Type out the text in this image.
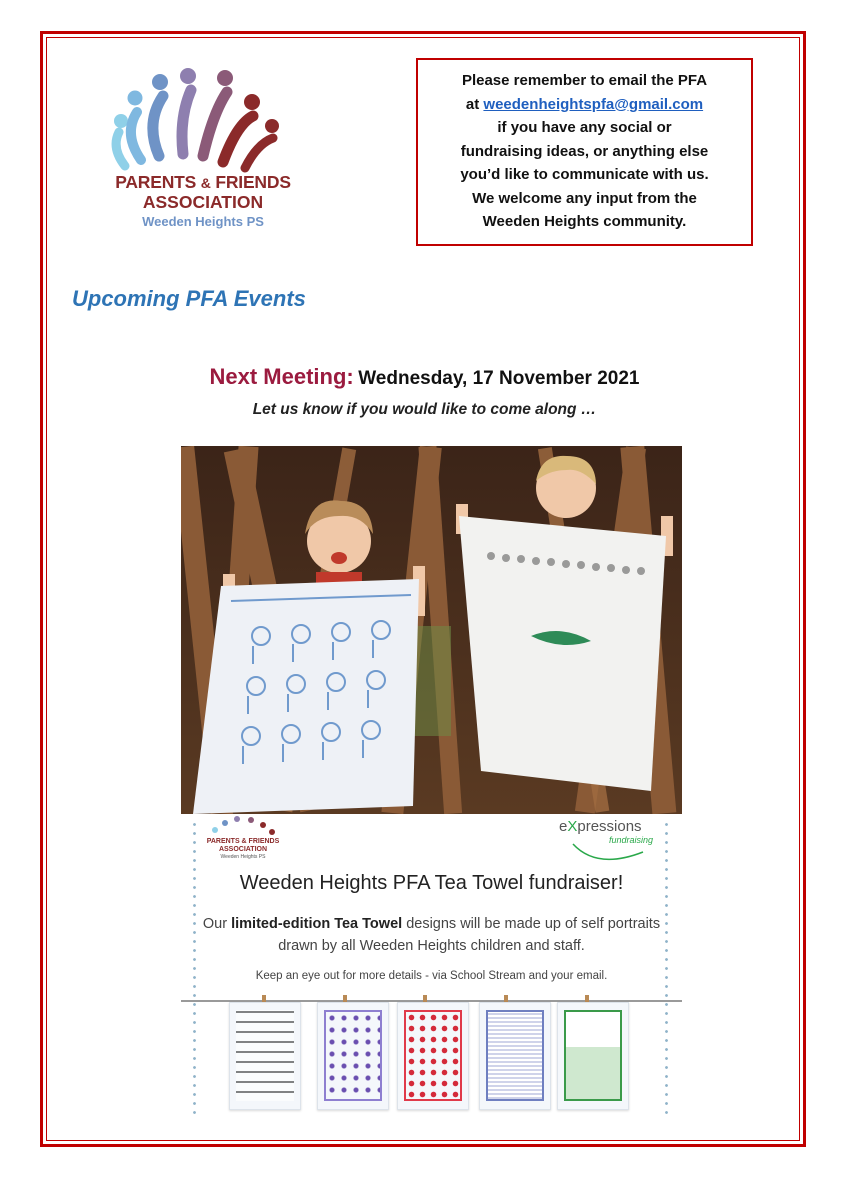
PARENTS & FRIENDS
ASSOCIATION
Weeden Heights PS

Please remember to email the PFA

at weedenheightspfa@gmail.com

if you have any social or

fundraising ideas, or anything else

you’d like to communicate with us.

We welcome any input from the

Weeden Heights community.

Upcoming PFA Events
Next Meeting: Wednesday, 17 November 2021
Let us know if you would like to come along …
PARENTS & FRIENDS
ASSOCIATION
Weeden Heights PS
eXpressions
fundraising
Weeden Heights PFA Tea Towel fundraiser!
Our limited-edition Tea Towel designs will be made up of self portraits drawn by all Weeden Heights children and staff.
Keep an eye out for more details - via School Stream and your email.
